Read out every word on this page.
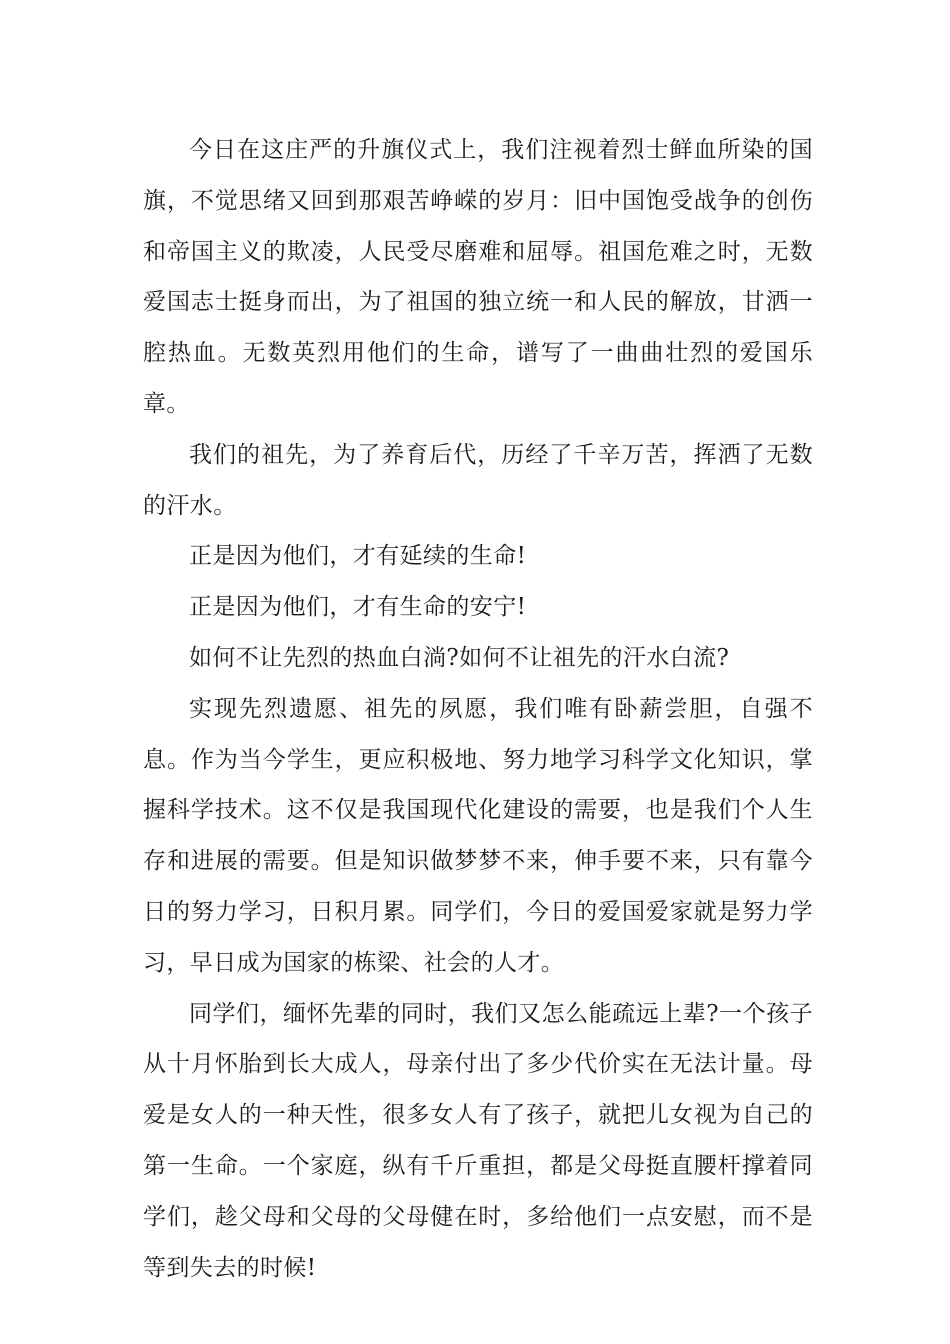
今日在这庄严的升旗仪式上，我们注视着烈士鲜血所染的国旗，不觉思绪又回到那艰苦峥嵘的岁月：旧中国饱受战争的创伤和帝国主义的欺凌，人民受尽磨难和屈辱。祖国危难之时，无数爱国志士挺身而出，为了祖国的独立统一和人民的解放，甘洒一腔热血。无数英烈用他们的生命，谱写了一曲曲壮烈的爱国乐章。

我们的祖先，为了养育后代，历经了千辛万苦，挥洒了无数的汗水。

正是因为他们，才有延续的生命!

正是因为他们，才有生命的安宁!

如何不让先烈的热血白淌?如何不让祖先的汗水白流?

实现先烈遗愿、祖先的夙愿，我们唯有卧薪尝胆，自强不息。作为当今学生，更应积极地、努力地学习科学文化知识，掌握科学技术。这不仅是我国现代化建设的需要，也是我们个人生存和进展的需要。但是知识做梦梦不来，伸手要不来，只有靠今日的努力学习，日积月累。同学们，今日的爱国爱家就是努力学习，早日成为国家的栋梁、社会的人才。

同学们，缅怀先辈的同时，我们又怎么能疏远上辈?一个孩子从十月怀胎到长大成人，母亲付出了多少代价实在无法计量。母爱是女人的一种天性，很多女人有了孩子，就把儿女视为自己的第一生命。一个家庭，纵有千斤重担，都是父母挺直腰杆撑着同学们，趁父母和父母的父母健在时，多给他们一点安慰，而不是等到失去的时候!
